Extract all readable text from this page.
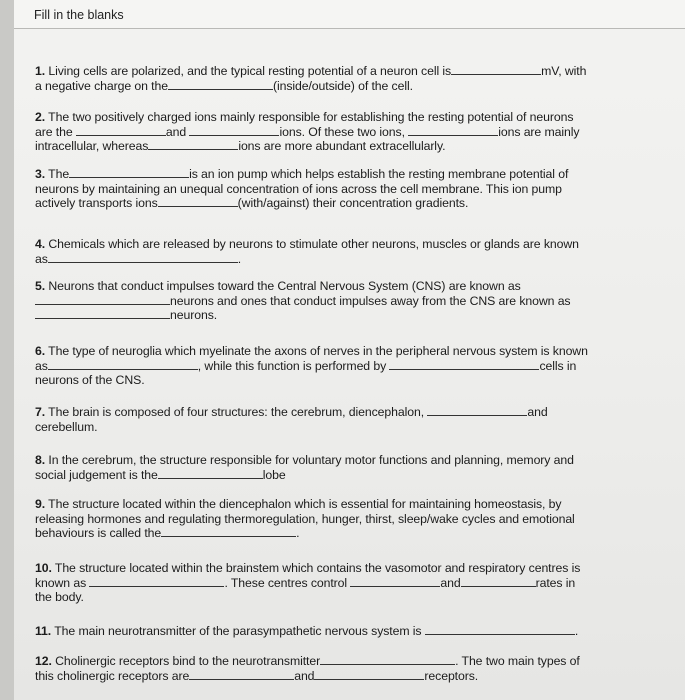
Fill in the blanks
1. Living cells are polarized, and the typical resting potential of a neuron cell is	mV, with
a negative charge on the	(inside/outside) of the cell.
2. The two positively charged ions mainly responsible for establishing the resting potential of neurons
are the	and	ions. Of these two ions,	ions are mainly
intracellular, whereas	ions are more abundant extracellularly.
3. The	is an ion pump which helps establish the resting membrane potential of
neurons by maintaining an unequal concentration of ions across the cell membrane. This ion pump
actively transports ions	(with/against) their concentration gradients.
4. Chemicals which are released by neurons to stimulate other neurons, muscles or glands are known
as	.
5. Neurons that conduct impulses toward the Central Nervous System (CNS) are known as
neurons and ones that conduct impulses away from the CNS are known as
neurons.
6. The type of neuroglia which myelinate the axons of nerves in the peripheral nervous system is known
as	, while this function is performed by	cells in
neurons of the CNS.
7. The brain is composed of four structures: the cerebrum, diencephalon,	and
cerebellum.
8. In the cerebrum, the structure responsible for voluntary motor functions and planning, memory and
social judgement is the	lobe
9. The structure located within the diencephalon which is essential for maintaining homeostasis, by
releasing hormones and regulating thermoregulation, hunger, thirst, sleep/wake cycles and emotional
behaviours is called the	.
10. The structure located within the brainstem which contains the vasomotor and respiratory centres is
known as	. These centres control	and	rates in
the body.
11. The main neurotransmitter of the parasympathetic nervous system is	.
12. Cholinergic receptors bind to the neurotransmitter	. The two main types of
this cholinergic receptors are	and	receptors.
